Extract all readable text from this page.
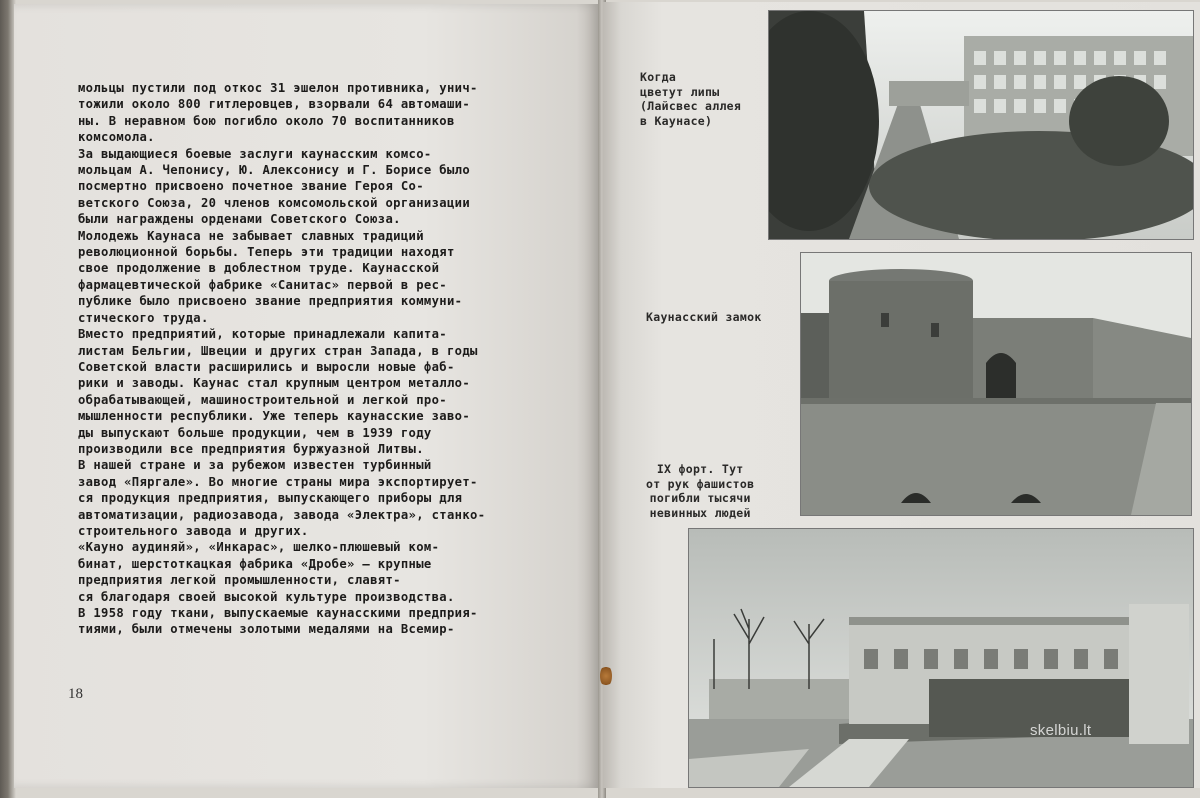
мольцы пустили под откос 31 эшелон противника, унич-
тожили около 800 гитлеровцев, взорвали 64 автомаши-
ны. В неравном бою погибло около 70 воспитанников
комсомола.

За выдающиеся боевые заслуги каунасским комсо-
мольцам А. Чепонису, Ю. Алексонису и Г. Борисе было
посмертно присвоено почетное звание Героя Со-
ветского Союза, 20 членов комсомольской организации
были награждены орденами Советского Союза.

Молодежь Каунаса не забывает славных традиций
революционной борьбы. Теперь эти традиции находят
свое продолжение в доблестном труде. Каунасской
фармацевтической фабрике «Санитас» первой в рес-
публике было присвоено звание предприятия коммуни-
стического труда.

Вместо предприятий, которые принадлежали капита-
листам Бельгии, Швеции и других стран Запада, в годы
Советской власти расширились и выросли новые фаб-
рики и заводы. Каунас стал крупным центром металло-
обрабатывающей, машиностроительной и легкой про-
мышленности республики. Уже теперь каунасские заво-
ды выпускают больше продукции, чем в 1939 году
производили все предприятия буржуазной Литвы.

В нашей стране и за рубежом известен турбинный
завод «Пяргале». Во многие страны мира экспортирует-
ся продукция предприятия, выпускающего приборы для
автоматизации, радиозавода, завода «Электра», станко-
строительного завода и других.

«Кауно аудиняй», «Инкарас», шелко-плюшевый ком-
бинат, шерстоткацкая фабрика «Дробе» — крупные
предприятия легкой промышленности, славят-
ся благодаря своей высокой культуре производства.
В 1958 году ткани, выпускаемые каунасскими предприя-
тиями, были отмечены золотыми медалями на Всемир-

18
Когда
цветут липы
(Лайсвес аллея
в Каунасе)
Каунасский замок
IX форт. Тут
от рук фашистов
погибли тысячи
невинных людей
skelbiu.lt
